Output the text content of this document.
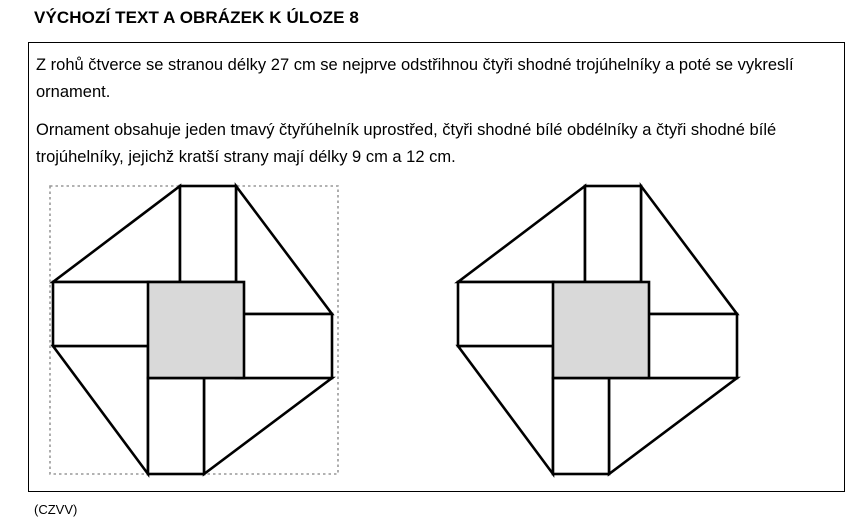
VÝCHOZÍ TEXT A OBRÁZEK K ÚLOZE 8

Z rohů čtverce se stranou délky 27 cm se nejprve odstřihnou čtyři shodné trojúhelníky a poté se vykreslí ornament.

Ornament obsahuje jeden tmavý čtyřúhelník uprostřed, čtyři shodné bílé obdélníky a čtyři shodné bílé trojúhelníky, jejichž kratší strany mají délky 9 cm a 12 cm.

(CZVV)
